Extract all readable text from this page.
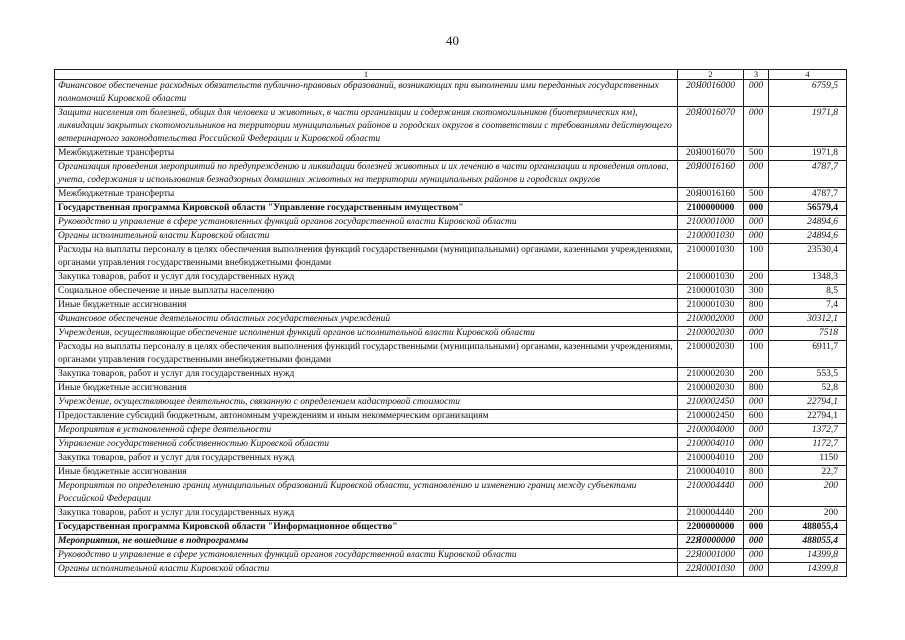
40
1	2	3	4
Финансовое обеспечение расходных обязательств публично-правовых образований, возникающих при выполнении ими переданных государственных полномочий Кировской области	20Я0016000	000	6759,5
Защита населения от болезней, общих для человека и животных, в части организации и содержания скотомогильников (биотермических ям), ликвидации закрытых скотомогильников на территории муниципальных районов и городских округов в соответствии с требованиями действующего ветеринарного законодательства Российской Федерации и Кировской области	20Я0016070	000	1971,8
Межбюджетные трансферты	20Я0016070	500	1971,8
Организация проведения мероприятий по предупреждению и ликвидации болезней животных и их лечению в части организации и проведения отлова, учета, содержания и использования безнадзорных домашних животных на территории муниципальных районов и городских округов	20Я0016160	000	4787,7
Межбюджетные трансферты	20Я0016160	500	4787,7
Государственная программа Кировской области "Управление государственным имуществом"	2100000000	000	56579,4
Руководство и управление в сфере установленных функций органов государственной власти Кировской области	2100001000	000	24894,6
Органы исполнительной власти Кировской области	2100001030	000	24894,6
Расходы на выплаты персоналу в целях обеспечения выполнения функций государственными (муниципальными) органами, казенными учреждениями, органами управления государственными внебюджетными фондами	2100001030	100	23530,4
Закупка товаров, работ и услуг для государственных нужд	2100001030	200	1348,3
Социальное обеспечение и иные выплаты населению	2100001030	300	8,5
Иные бюджетные ассигнования	2100001030	800	7,4
Финансовое обеспечение деятельности областных государственных учреждений	2100002000	000	30312,1
Учреждения, осуществляющие обеспечение исполнения функций органов исполнительной власти Кировской области	2100002030	000	7518
Расходы на выплаты персоналу в целях обеспечения выполнения функций государственными (муниципальными) органами, казенными учреждениями, органами управления государственными внебюджетными фондами	2100002030	100	6911,7
Закупка товаров, работ и услуг для государственных нужд	2100002030	200	553,5
Иные бюджетные ассигнования	2100002030	800	52,8
Учреждение, осуществляющее деятельность, связанную с определением кадастровой стоимости	2100002450	000	22794,1
Предоставление субсидий бюджетным, автономным учреждениям и иным некоммерческим организациям	2100002450	600	22794,1
Мероприятия в установленной сфере деятельности	2100004000	000	1372,7
Управление государственной собственностью Кировской области	2100004010	000	1172,7
Закупка товаров, работ и услуг для государственных нужд	2100004010	200	1150
Иные бюджетные ассигнования	2100004010	800	22,7
Мероприятия по определению границ муниципальных образований Кировской области, установлению и изменению границ между субъектами Российской Федерации	2100004440	000	200
Закупка товаров, работ и услуг для государственных нужд	2100004440	200	200
Государственная программа Кировской области "Информационное общество"	2200000000	000	488055,4
Мероприятия, не вошедшие в подпрограммы	22Я0000000	000	488055,4
Руководство и управление в сфере установленных функций органов государственной власти Кировской области	22Я0001000	000	14399,8
Органы исполнительной власти Кировской области	22Я0001030	000	14399,8
